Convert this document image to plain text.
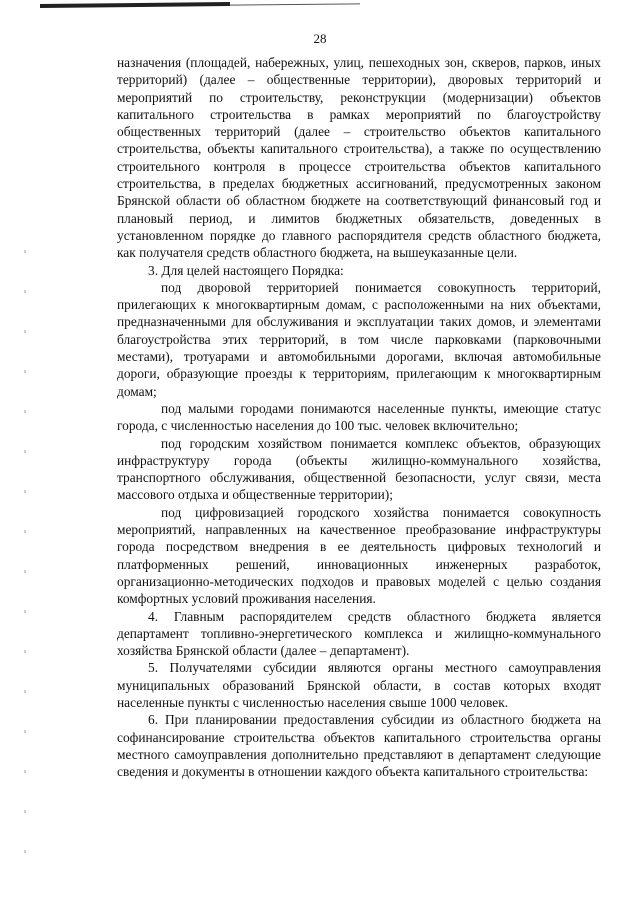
28

назначения (площадей, набережных, улиц, пешеходных зон, скверов, парков, иных территорий) (далее – общественные территории), дворовых территорий и мероприятий по строительству, реконструкции (модернизации) объектов капитального строительства в рамках мероприятий по благоустройству общественных территорий (далее – строительство объектов капитального строительства, объекты капитального строительства), а также по осуществлению строительного контроля в процессе строительства объектов капитального строительства, в пределах бюджетных ассигнований, предусмотренных законом Брянской области об областном бюджете на соответствующий финансовый год и плановый период, и лимитов бюджетных обязательств, доведенных в установленном порядке до главного распорядителя средств областного бюджета, как получателя средств областного бюджета, на вышеуказанные цели.

3. Для целей настоящего Порядка:

под дворовой территорией понимается совокупность территорий, прилегающих к многоквартирным домам, с расположенными на них объектами, предназначенными для обслуживания и эксплуатации таких домов, и элементами благоустройства этих территорий, в том числе парковками (парковочными местами), тротуарами и автомобильными дорогами, включая автомобильные дороги, образующие проезды к территориям, прилегающим к многоквартирным домам;

под малыми городами понимаются населенные пункты, имеющие статус города, с численностью населения до 100 тыс. человек включительно;

под городским хозяйством понимается комплекс объектов, образующих инфраструктуру города (объекты жилищно-коммунального хозяйства, транспортного обслуживания, общественной безопасности, услуг связи, места массового отдыха и общественные территории);

под цифровизацией городского хозяйства понимается совокупность мероприятий, направленных на качественное преобразование инфраструктуры города посредством внедрения в ее деятельность цифровых технологий и платформенных решений, инновационных инженерных разработок, организационно-методических подходов и правовых моделей с целью создания комфортных условий проживания населения.

4. Главным распорядителем средств областного бюджета является департамент топливно-энергетического комплекса и жилищно-коммунального хозяйства Брянской области (далее – департамент).

5. Получателями субсидии являются органы местного самоуправления муниципальных образований Брянской области, в состав которых входят населенные пункты с численностью населения свыше 1000 человек.

6. При планировании предоставления субсидии из областного бюджета на софинансирование строительства объектов капитального строительства органы местного самоуправления дополнительно представляют в департамент следующие сведения и документы в отношении каждого объекта капитального строительства:
